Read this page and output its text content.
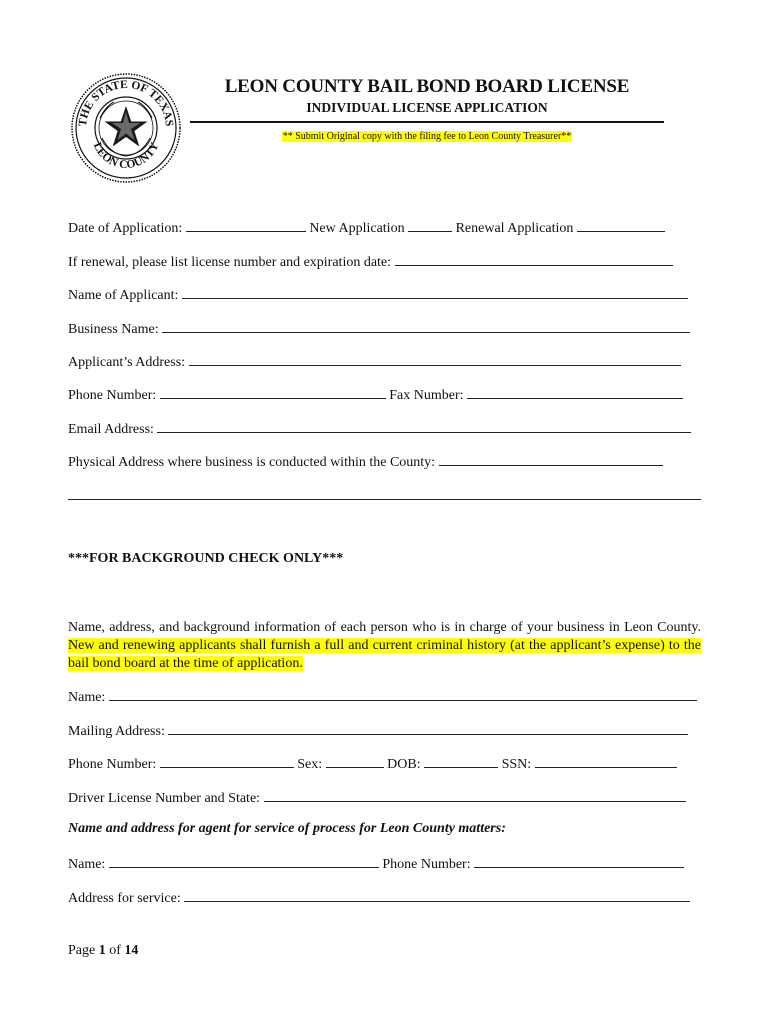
THE STATE OF TEXAS
LEON COUNTY
LEON COUNTY BAIL BOND BOARD LICENSE
INDIVIDUAL LICENSE APPLICATION
** Submit Original copy with the filing fee to Leon County Treasurer**
Date of Application:	New Application	Renewal Application
If renewal, please list license number and expiration date:
Name of Applicant:
Business Name:
Applicant’s Address:
Phone Number:	Fax Number:
Email Address:
Physical Address where business is conducted within the County:
***FOR BACKGROUND CHECK ONLY***
Name, address, and background information of each person who is in charge of your business in Leon County. New and renewing applicants shall furnish a full and current criminal history (at the applicant’s expense) to the bail bond board at the time of application.
Name:
Mailing Address:
Phone Number:	Sex:	DOB:	SSN:
Driver License Number and State:
Name and address for agent for service of process for Leon County matters:
Name:	Phone Number:
Address for service:
Page 1 of 14
